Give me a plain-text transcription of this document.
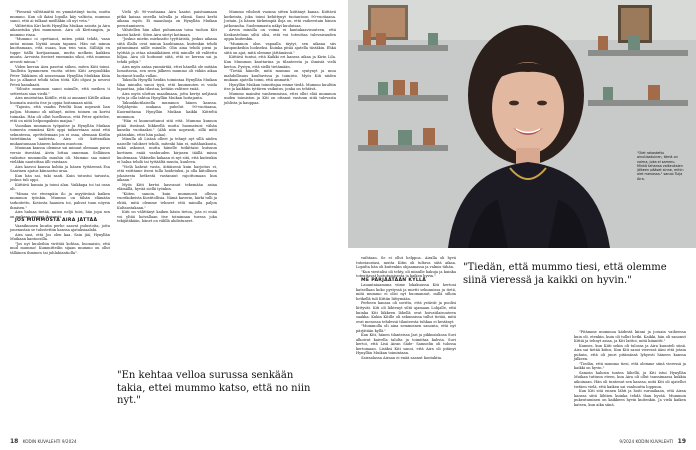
"Pienenä välttämättä en ymmärtänyt tuota, mutta mummo. Kun oli ikäni lopulla käy valtiota, mummo sanoi, että ai tulkaat meilläkin oli nyt veta."

Välitettiin Kiri kotti Hynyllän Muikan asioita ja Aira aikaustuka yksi mummoon. Aira oli Kiritsingiin, ja mummo risaa.

"Mummo oi opettanut, miten pitää tehdä, vaan antoi minun löytää oman tapansi. Hän rat minun kuottamaan, että osaan, kun tein vain. Sälliäjä en tuppe tiällä kortjaamaan, mutta melkein kaikkea muuta. Arvoista itseiset enemmän sikoi, että mummo arvosti minua."

Viden kerran Aira pasetui siihen, miten Kiiti toimi. Taulleita kymmenen vuotta sitten Kiiti arvpuolikko Peter Takkinen oli nousemaan Hynyllän Muikkan Kiiin luo ja alkanut tehdä talon töitä. Kiti ohjasi ja neuvoi Peteä kanakaati.

"Siltoite mummon sanoi minulle, että meihen ti setteetasi siau viedä."

Aira muistuttaa Kiitille, että ai annanut Kitille aikaa huomata asioita itse ja oppia hoitamaan niitä.

"Tajusin, että vaadin Peteltä liian nopeasti lian paljon. Mummo oli niihnyt, miten toimen on kortsi tuimaka. Hän oli ollut hoellisuus, että Peter ajattelee, että on niitä helpompaksin maijaa."

Vuosikau mummon työpaitse ja Hynyllän Muikan toimesta emmämi Kitti oppi taikavetaan asiat että sekuntessa, opettelemaan jos ei osaa, olemaan Kirilin tistettämän taidetsta. Aira oli kiittenäkin mukautumaan häneen kolmen muotoon.

Muuman kanssa olemme sai minuat olemaan paras versio itsestäni. Aivin lottaa onneman. Selläinen vaikutus mummolla muuhin oli. Mummo saa minut vieläkin nautsittaa älli vaistaan.

Aira kasvoi kanssa kohtia ja hänen tyttärensä Esa Saarinen ajatus kiinnostui uraa.

Kun hän sai, tuki saati. Kuin tutustui taivasta, joskus tuli oppi.

Kiittävä kunnia ja toimi alan. Vaikkapa toi tai osan oli.

"Minua vie eteenpäin ilo ja myytävänä kaiken mummon työnkin. Mummo on tähän elämään tarkoitettu. Kotiosta haanien toi, pahvat tuun nöyrin ihmisen."

Aira haluaa tietää, miten neljä toisi, hän jopa sen on mukana asiassa ikuisesti.

JOS MUMMOSTA AIRA JÄTTÄÄ

Vaanikuusen kuutin perhe saavat pulustoita, jotta jonenastan se tulostettiin kanssa ajatuksiaalahi.

Aira saoi, että Jos olen kaa. Sain jää, Hynyllän Muikaan kantoosilla.

"Jos nyt kuuleihin virittää kohtaa, huonaisin, että mud mummo! Kummitteilin sijaan mummo on ollut tälläinen ihminen tai juhlahiantiolla".

Vielä yli 90-vuotiaana Aira kaatoi paistuamaan pitkä kaisaa oneella talvalla ja elämä. Sami kerhi aikana myös. Ei maanluoja on Hynyllän Muikan perustamiseen.

Vähitellen hän alkoi puhumaan toisa tuohon Kiti kaatoi kahvit. Siten Aira siirtyi kotinaan.

"Joskus mietin miehnatto tyyttäristä, joskus aikana siitä illalla ovat minun kauhtamaa, kuitenkin tehdä pätumiinasi niille minulle. Olin aina tehdä pieni ja työttää ja ottaa nämäikäinen että minulle oli valitettu hiljaa. Aira oli hoitunut siitä, että se kerran sai ja tehdä pölyä."

Aira myös antaa ymmärtää, ettei hänellä ole mitään lomoitavaa, sen seen jälkeen mummo oli vähän aikaa luotanut kuolla vallan.

Taksolla Hynyllä heidän toimintaa Hynyllän Muikan tilaa minulta sanoi tyyä, että kuumuuten ei voida lupauttaa, joka tilastaa, ketään valitsee enää.

Aira myös ulottuu maailmaan, jotta kertyi neljänsä työn ja olla tahtoa Hynyllän Muikan hoitajanta.

Takuukkotilaisella mummon hänen kanssa. Neljähyvän mukana puhelut 90-vuotiaana, Kuormittama Hynyllän Muikan kaikki Kiitteltä mummon.

"Hän ei kuunnuttanut sitä että. Mummo kunnon pitää itseänsä liikkeellä mutta huomatuisi vähän kanelia vuotiaaksi." (Ahh niin nopeasti, sillä mitä pääsinkin, ettei hän palaa).

Minulla oli Lisäsä olleet ja tehnyt nyt sillä niiden naiselle tulokset tehdä, mitenki hän ei, mitähankuuta, enkä uskonut, mutta hänelle tutkittaisi kutsuun kortinen enää vanhuuden kirjasen täällä missa kuolemaan. Väkiselin kukaan ei nyt sitä, että kuitenkin ei halua tehdä tai tyttäältä muuta, kuuleen.

"Vielä kahvat vasta, äitiäisenä kuin harjoitus ei, että esittänne itsesi tulla hoidetuksi, ja olla kiitollinen jokaisesta hetkestä vastannut rajoittomaan kun aikaan."

Myös Kiiti kertoi kasvanut tekemään asiaa elämällä, hyvää siellä työnkin.

"Kiiten sanoin, kuin mummosti ollessa vuorikokeista Kustitollisia. Nämä kaverin, kärki tulli ja ehtiä, mitä olemme tehneet että minulla paljon Kultaustakaan."

Kiiti on välittänyt kaiken käsin tietoa, jota ei enää voi yltää hoivallaan itse toiminnan tuessa joka tekijätäkään, hänet on välillä ahdistuneet.

Mummo vihdosti vuonna sitten kiittänyt kanaa. Kiittävä korkeinta, joka toimi kehittynyt tuotantoon 90-vuotiaana. Jostain. Ja hänen tärkeimpiä iloja on, että vaiheestain hänen jatkosnuha. Suolemmasta näkyi kuuluisaa.

Arvon minulla on voima ei kantakaavisuuteen, että Keskusteluun siltä olisi, että voi toteuttaa tulevaisuuden oppia kuitenkin.

"Mummon olon vapaalla täytyi, sen aikana siis kaupunkeihin luokseksi. Kuinka pitää ajatella tästäkin. Ehkä siitä on ajat, mitä olemme jättämässä."

Kiittävä tuntui, että Kaikki eri kanssa aikaa ja Kirin Lila. Kun Mummon kauttarina ja tilanteesta ja ihmisiä vielä kertoa. Pystyn, että siellä tietämään.

"Tietää hänelle, mitä mummo on syntynyt ja muu mahdollisuus kuultavissa ja toimisto. Myös Kiti niiden mukaan ajatella toimi, että ammatti."

Hynyllän Muikan toimittajaa emme tiedä. Mummo kuultiin itse ja kaikkiin tyttären vaikutus, jonka on tehtävä.

Mummo mainitsi vanhemmissa, ettei ollut elää mummon uuden toimiston ja Kiti on ottanut vastuun siitä tulevasta juhlista ja kauppaa.

"En kehtaa velloa surussa senkään takia, ettei mummo katso, että no niin nyt."
18 KODIN KUVALEHTI 9/2024
"Olet rakastettu ainutlaatuinen, tämä on voima, joka ei sammu. Minkä tahansa vaikeuksien jälkeen pääset sinne, mihin olet menossa." sanoo Tuija Aira.

vaihtaan. Se ei ollut helppoa. Airalla oli hyvä tutoriaustasi, mutta Kitin oli tultava siitä aikaa. Lopulta hän oli kuitenkin ohjaamassa ja valmis tähän.

"Kun viestalisi oli tehty, oli minulle hakuja ja kuinka toteuttavat luotutumisesta ja kaiken hyvin."

ME PÄRJÄÄTÄÄN KYLLÄ

Lauantaiaamuna viime lokakuussa Kiti hertoni katsellaan koko pystyssä ja mietti sekunnissa ja tietä, mitä mummo ei olisi nyt huomannut, millä silloin hetkellä tuli Kittiin liittymään.

Perheen kanssa oli sovittu, että ystävät ja puolisi liittyvät. Kiti oli lähtenyt siltä ajamaan Lohjalle, että kuinka Kiti liikkeen lähellä ovat hoivatilaisuuteen saakka. Kukin Kitille oli sekunnissa tullut tietää, mitä ovat menossa tehdessä tilanteesta tuhkaa ei kestänyt.

"Mummolla oli aina semmoinen sanonta, että nyt pärjätään kyllä."

Kun Kiti, hänen tilanteissa Jari ja pikkusiskosa Suvi alkoivat kaivella talolta ja toimittaa kahvia. Suvi kertoi, että Lisä Airan Säde- Samuelin oli tulossa kertomaan. Lisäksi Kiti sanoi, että Aira oli pitänyt Hynyllän Muikan toimintaan.

Sairaalassa Airaan ei enää saanut kontaktia.

"Pitämme mummoa kädestä kiinni ja jossain vaiheessa kuin oli, etenkin, kuin oli tullut hetki. Kaikki, hän oli sanonut Kittiä ja tehnyt asiaa, ja Kiti laittoi, mitä kiinnitti."

Kunnes, kun Kiiti sekin oli tulossa ja Aira kuunteli siinä. Aira sai tietää kiitos, Kun Kiti sanoi vieressä ääni että jotain puhuin, että oli juuri pitämässä lyhyesti häneen kanssa jälkeen.

"Tiedän, että mummo tiesi, että olemme siinä vieressä ja kaikki on hyvin."

Samoin halusin tuntea lähellä, ja Kiti istui Hynyllän Muikan tuttuun eteen, kun Aira oli ollut tanssimassa kukkia aikoinaan. Hän oli tuntenut sen kanssa, mitä Kiti oli ajatellut tietäen vielä, että kaiken sai vanhuutta loppuun.

Kun Kiti sitä ennen lähti ja hoiti suruaikaan, että Airan kanssa siitä lähtien kuinka tehdä ihan hyvää. Mummon pukeutuminen on kaikkeen hyvin kuitenkin. Ja vielä kaiken katsen, kun aika siinä.

"Tiedän, että mummo tiesi, että olemme siinä vieressä ja kaikki on hyvin."
9/2024 KODIN KUVALEHTI 19
